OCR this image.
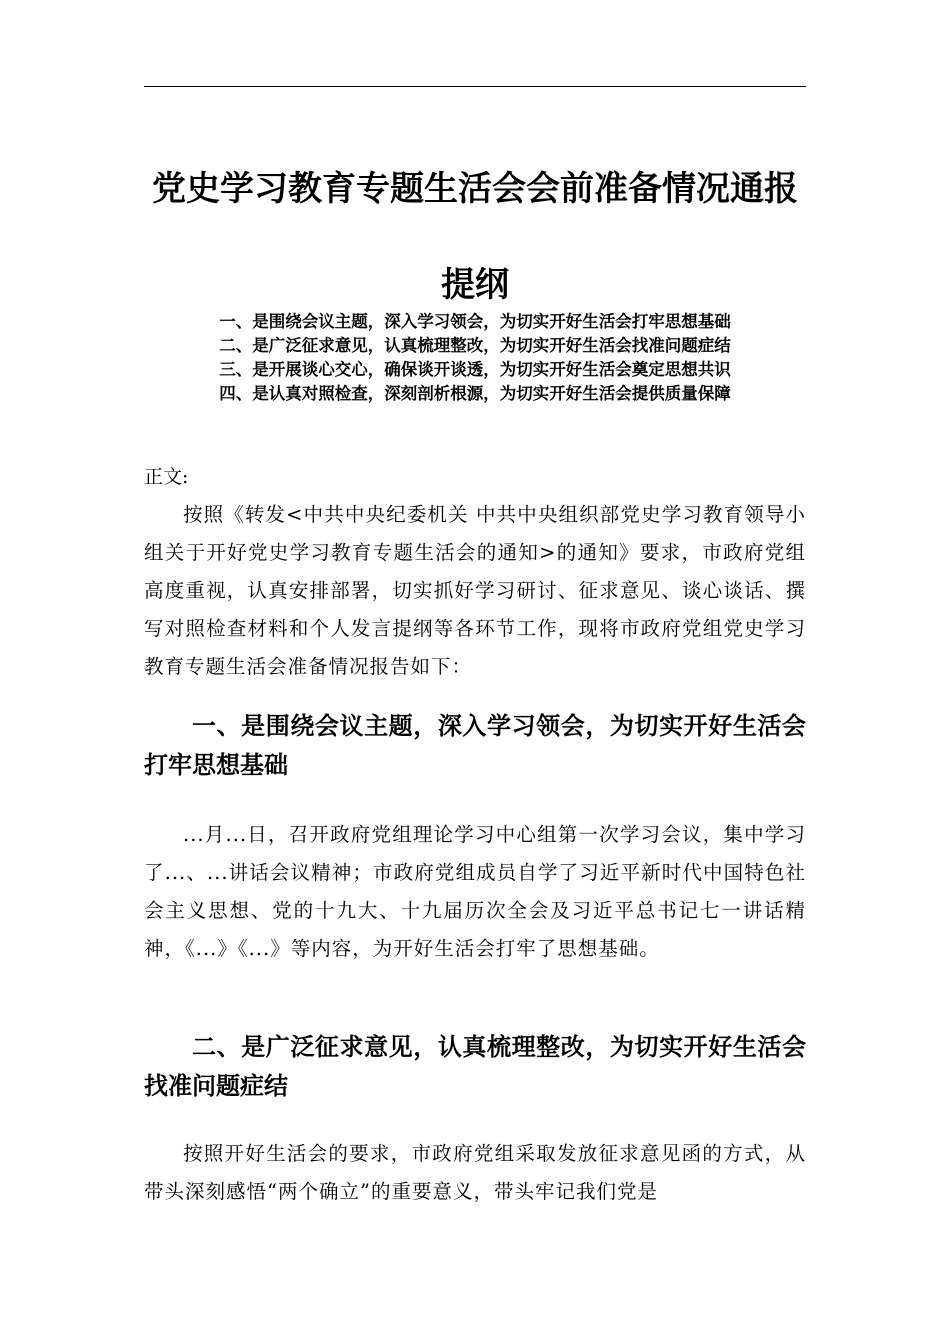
党史学习教育专题生活会会前准备情况通报
提纲
一、是围绕会议主题，深入学习领会，为切实开好生活会打牢思想基础
二、是广泛征求意见，认真梳理整改，为切实开好生活会找准问题症结
三、是开展谈心交心，确保谈开谈透，为切实开好生活会奠定思想共识
四、是认真对照检查，深刻剖析根源，为切实开好生活会提供质量保障

正文:

按照《转发<中共中央纪委机关 中共中央组织部党史学习教育领导小组关于开好党史学习教育专题生活会的通知>的通知》要求，市政府党组高度重视，认真安排部署，切实抓好学习研讨、征求意见、谈心谈话、撰写对照检查材料和个人发言提纲等各环节工作，现将市政府党组党史学习教育专题生活会准备情况报告如下：

一、是围绕会议主题，深入学习领会，为切实开好生活会打牢思想基础

...月...日，召开政府党组理论学习中心组第一次学习会议，集中学习了...、...讲话会议精神；市政府党组成员自学了习近平新时代中国特色社会主义思想、党的十九大、十九届历次全会及习近平总书记七一讲话精神，《...》《...》等内容，为开好生活会打牢了思想基础。

二、是广泛征求意见，认真梳理整改，为切实开好生活会找准问题症结

按照开好生活会的要求，市政府党组采取发放征求意见函的方式，从带头深刻感悟“两个确立”的重要意义，带头牢记我们党是
